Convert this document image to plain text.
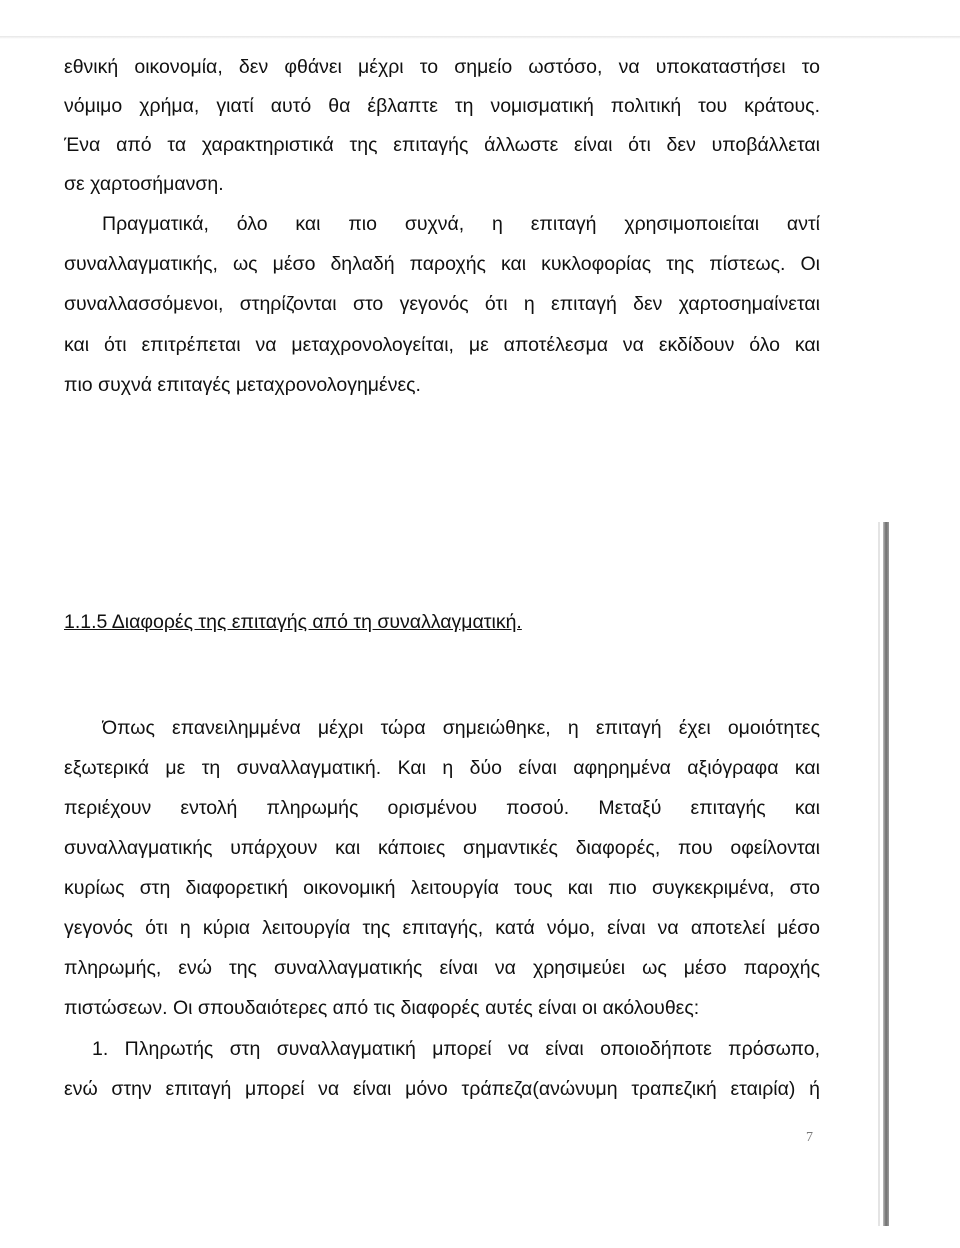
εθνική οικονομία, δεν φθάνει μέχρι το σημείο ωστόσο, να υποκαταστήσει το
νόμιμο χρήμα, γιατί αυτό θα έβλαπτε τη νομισματική πολιτική του κράτους.
Ένα από τα χαρακτηριστικά της επιταγής άλλωστε είναι ότι δεν υποβάλλεται
σε χαρτοσήμανση.
Πραγματικά, όλο και πιο συχνά, η επιταγή χρησιμοποιείται αντί
συναλλαγματικής, ως μέσο δηλαδή παροχής και κυκλοφορίας της πίστεως. Οι
συναλλασσόμενοι, στηρίζονται στο γεγονός ότι η επιταγή δεν χαρτοσημαίνεται
και ότι επιτρέπεται να μεταχρονολογείται, με αποτέλεσμα να εκδίδουν όλο και
πιο συχνά επιταγές μεταχρονολογημένες.
1.1.5 Διαφορές της επιταγής από τη συναλλαγματική.
Όπως επανειλημμένα μέχρι τώρα σημειώθηκε, η επιταγή έχει ομοιότητες
εξωτερικά με τη συναλλαγματική. Και η δύο είναι αφηρημένα αξιόγραφα και
περιέχουν εντολή πληρωμής ορισμένου ποσού. Μεταξύ επιταγής και
συναλλαγματικής υπάρχουν και κάποιες σημαντικές διαφορές, που οφείλονται
κυρίως στη διαφορετική οικονομική λειτουργία τους και πιο συγκεκριμένα, στο
γεγονός ότι η κύρια λειτουργία της επιταγής, κατά νόμο, είναι να αποτελεί μέσο
πληρωμής, ενώ της συναλλαγματικής είναι να χρησιμεύει ως μέσο παροχής
πιστώσεων. Οι σπουδαιότερες από τις διαφορές αυτές είναι οι ακόλουθες:
1. Πληρωτής στη συναλλαγματική μπορεί να είναι οποιοδήποτε πρόσωπο,
ενώ στην επιταγή μπορεί να είναι μόνο τράπεζα(ανώνυμη τραπεζική εταιρία) ή
7
